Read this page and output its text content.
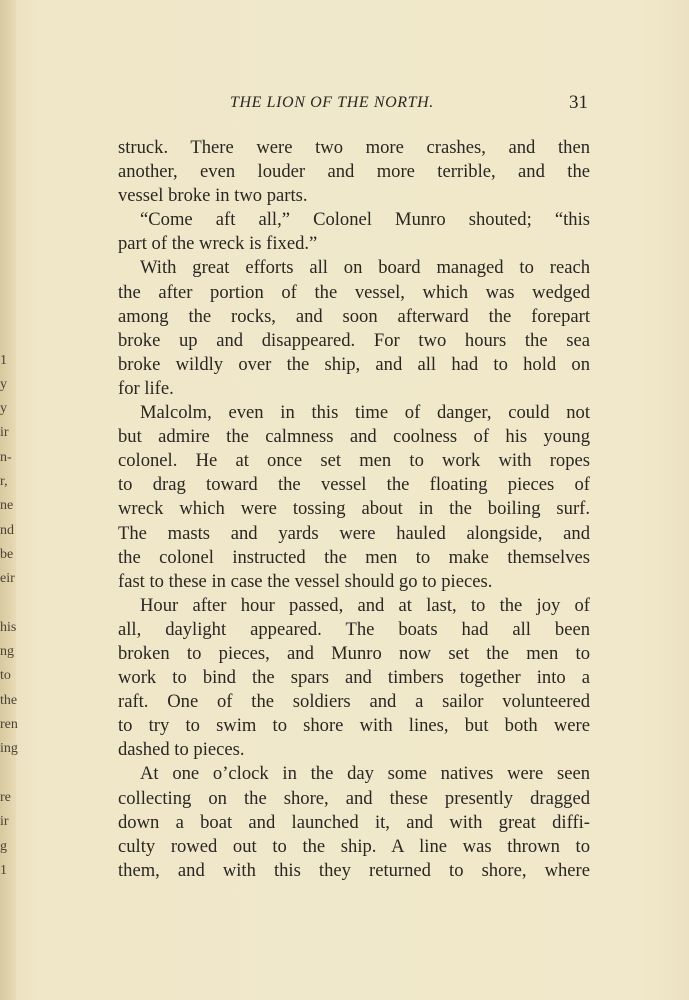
1
y
y
ir
n-
r,
ne
nd
be
eir
his
ng
to
the
ren
ing
re
ir
g
1
THE LION OF THE NORTH.	31
struck. There were two more crashes, and then
another, even louder and more terrible, and the
vessel broke in two parts.
“Come aft all,” Colonel Munro shouted; “this
part of the wreck is fixed.”
With great efforts all on board managed to reach
the after portion of the vessel, which was wedged
among the rocks, and soon afterward the forepart
broke up and disappeared. For two hours the sea
broke wildly over the ship, and all had to hold on
for life.
Malcolm, even in this time of danger, could not
but admire the calmness and coolness of his young
colonel. He at once set men to work with ropes
to drag toward the vessel the floating pieces of
wreck which were tossing about in the boiling surf.
The masts and yards were hauled alongside, and
the colonel instructed the men to make themselves
fast to these in case the vessel should go to pieces.
Hour after hour passed, and at last, to the joy of
all, daylight appeared. The boats had all been
broken to pieces, and Munro now set the men to
work to bind the spars and timbers together into a
raft. One of the soldiers and a sailor volunteered
to try to swim to shore with lines, but both were
dashed to pieces.
At one o’clock in the day some natives were seen
collecting on the shore, and these presently dragged
down a boat and launched it, and with great diffi-
culty rowed out to the ship. A line was thrown to
them, and with this they returned to shore, where
